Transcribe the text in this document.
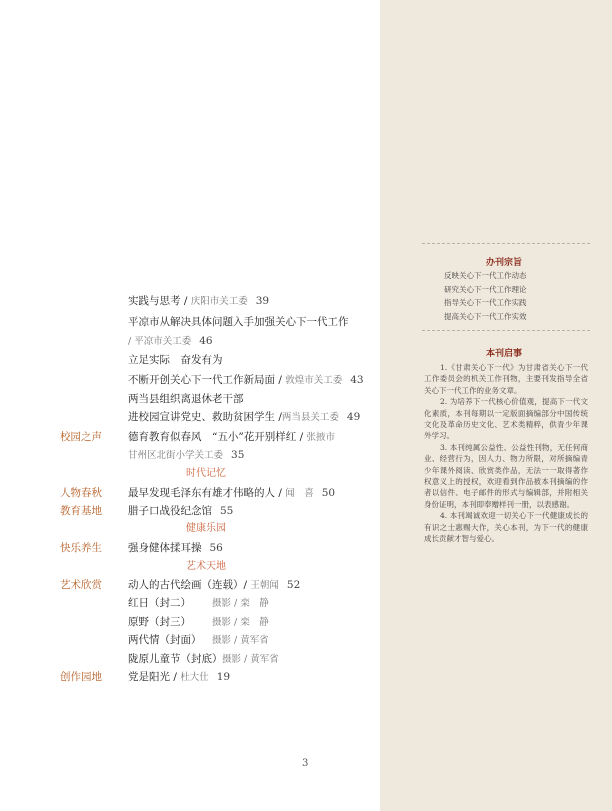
实践与思考 / 庆阳市关工委 39
平凉市从解决具体问题入手加强关心下一代工作
/ 平凉市关工委 46
立足实际　奋发有为
不断开创关心下一代工作新局面 / 敦煌市关工委 43
两当县组织离退休老干部
进校园宣讲党史、救助贫困学生 /两当县关工委 49
校园之声 德育教育似春风　“五小”花开别样红 / 张掖市
甘州区北街小学关工委 35
时代记忆
人物春秋 最早发现毛泽东有雄才伟略的人 / 闻　喜 50
教育基地 腊子口战役纪念馆 55
健康乐园
快乐养生 强身健体揉耳操 56
艺术天地
艺术欣赏 动人的古代绘画（连载）/ 王朝闻 52
红日（封二） 摄影 / 栾　静
原野（封三） 摄影 / 栾　静
两代情（封面） 摄影 / 黄军省
陇原儿童节（封底） 摄影 / 黄军省
创作园地 党是阳光 / 杜大仕 19
3
办刊宗旨
反映关心下一代工作动态
研究关心下一代工作理论
指导关心下一代工作实践
提高关心下一代工作实效
本刊启事

1.《甘肃关心下一代》为甘肃省关心下一代工作委员会的机关工作刊物，主要刊发指导全省关心下一代工作的业务文章。

2. 为培养下一代核心价值观，提高下一代文化素质，本刊每期以一定版面摘编部分中国传统文化及革命历史文化、艺术类精粹，供青少年课外学习。

3. 本刊纯属公益性、公益性刊物，无任何商业、经营行为，因人力、物力所限，对所摘编青少年课外阅读、欣赏类作品，无法一一取得著作权意义上的授权，欢迎看到作品被本刊摘编的作者以信件、电子邮件的形式与编辑部，并附相关身份证明，本刊即奉赠样刊一册，以表感谢。

4. 本刊竭诚欢迎一切关心下一代健康成长的有识之士惠赐大作，关心本刊，为下一代的健康成长贡献才智与爱心。
